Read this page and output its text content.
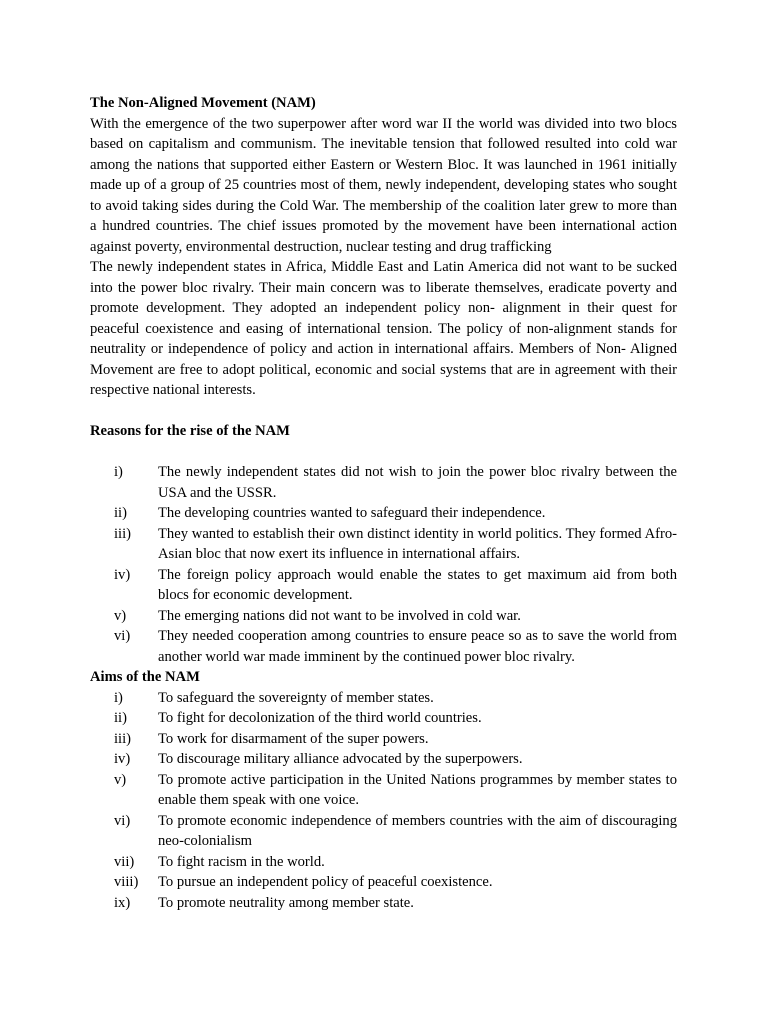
The Non-Aligned Movement (NAM)

With the emergence of the two superpower after word war II the world was divided into two blocs based on capitalism and communism. The inevitable tension that followed resulted into cold war among the nations that supported either Eastern or Western Bloc. It was launched in 1961 initially made up of a group of 25 countries most of them, newly independent, developing states who sought to avoid taking sides during the Cold War. The membership of the coalition later grew to more than a hundred countries. The chief issues promoted by the movement have been international action against poverty, environmental destruction, nuclear testing and drug trafficking

The newly independent states in Africa, Middle East and Latin America did not want to be sucked into the power bloc rivalry. Their main concern was to liberate themselves, eradicate poverty and promote development. They adopted an independent policy non- alignment in their quest for peaceful coexistence and easing of international tension. The policy of non-alignment stands for neutrality or independence of policy and action in international affairs. Members of Non- Aligned Movement are free to adopt political, economic and social systems that are in agreement with their respective national interests.

Reasons for the rise of the NAM

i) The newly independent states did not wish to join the power bloc rivalry between the USA and the USSR.
ii) The developing countries wanted to safeguard their independence.
iii) They wanted to establish their own distinct identity in world politics. They formed Afro-Asian bloc that now exert its influence in international affairs.
iv) The foreign policy approach would enable the states to get maximum aid from both blocs for economic development.
v) The emerging nations did not want to be involved in cold war.
vi) They needed cooperation among countries to ensure peace so as to save the world from another world war made imminent by the continued power bloc rivalry.

Aims of the NAM

i) To safeguard the sovereignty of member states.
ii) To fight for decolonization of the third world countries.
iii) To work for disarmament of the super powers.
iv) To discourage military alliance advocated by the superpowers.
v) To promote active participation in the United Nations programmes by member states to enable them speak with one voice.
vi) To promote economic independence of members countries with the aim of discouraging neo-colonialism
vii) To fight racism in the world.
viii) To pursue an independent policy of peaceful coexistence.
ix) To promote neutrality among member state.
